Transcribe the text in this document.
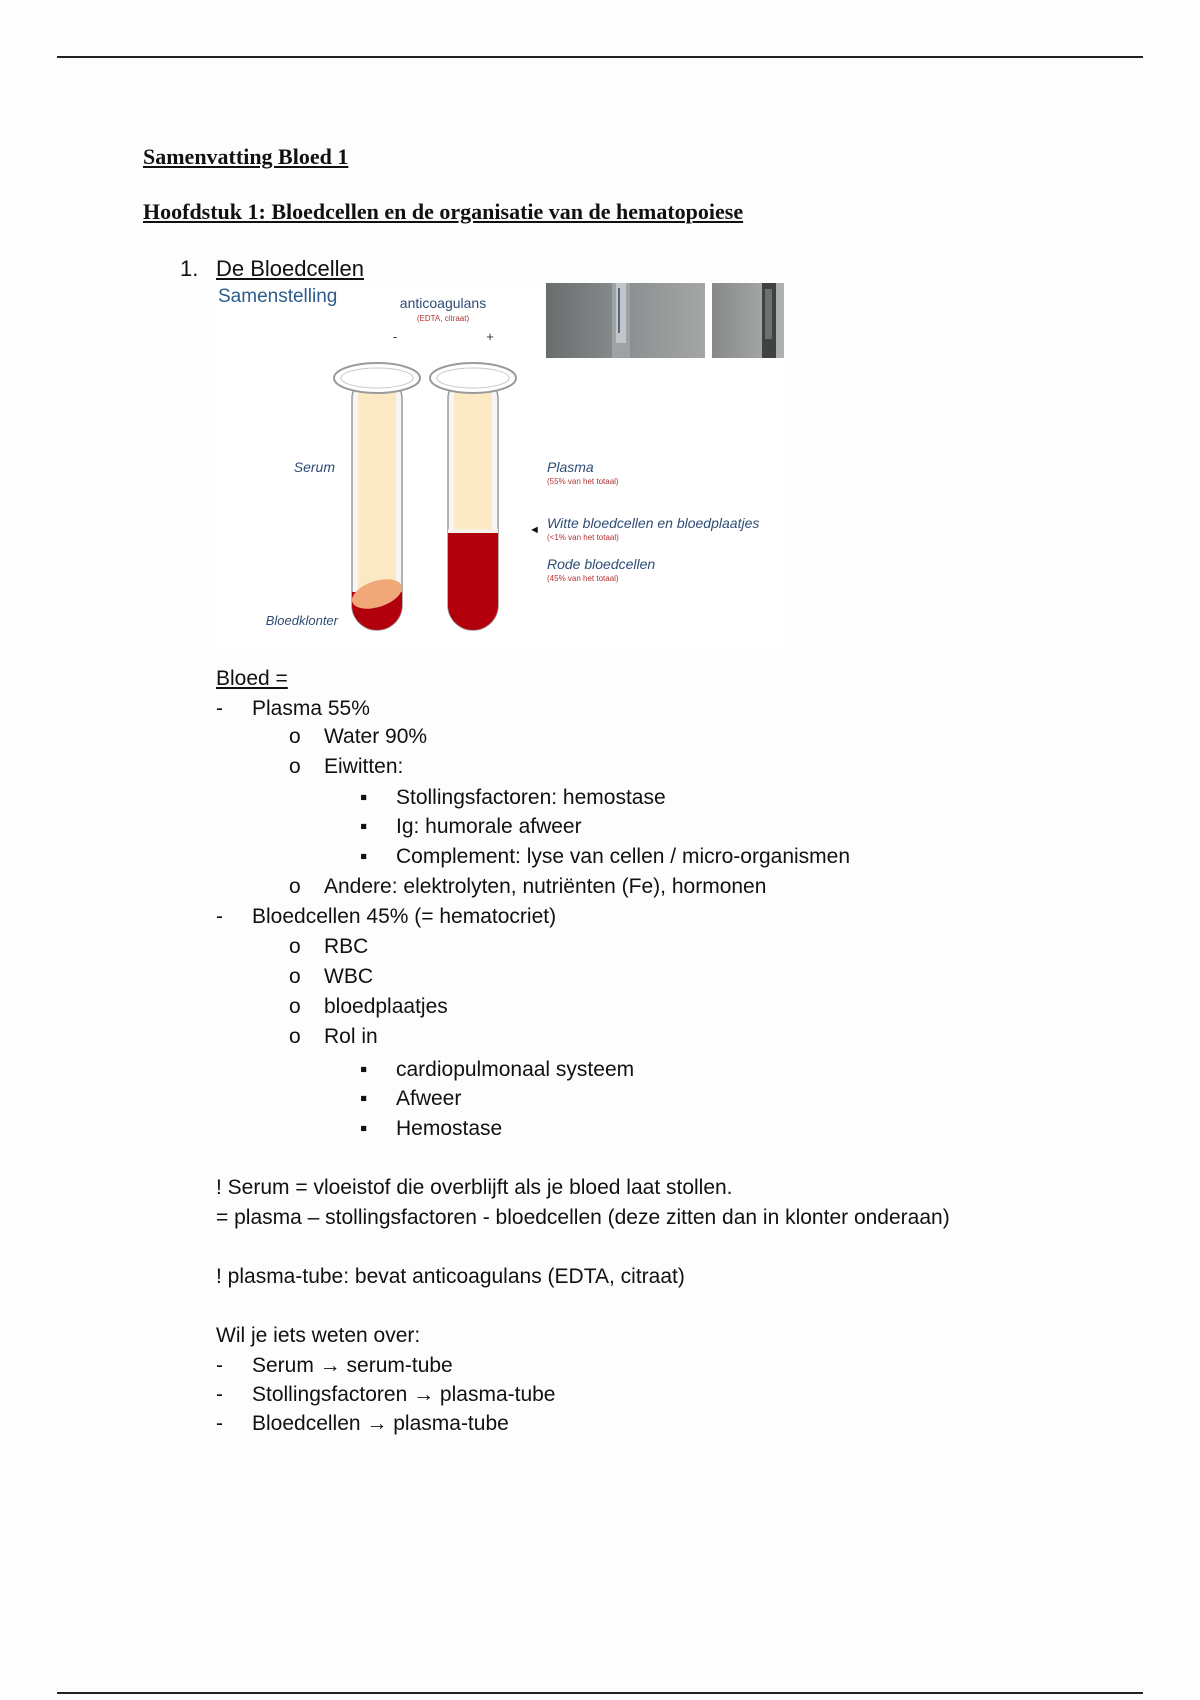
Samenvatting Bloed 1
Hoofdstuk 1: Bloedcellen en de organisatie van de hematopoiese
1. De Bloedcellen
Samenstelling	anticoagulans
(EDTA, citraat)
-	+
Serum
Bloedklonter
Plasma
(55% van het totaal)
◄ Witte bloedcellen en bloedplaatjes
(<1% van het totaal)
Rode bloedcellen
(45% van het totaal)
Bloed =
- Plasma 55%
o Water 90%
o Eiwitten:
▪ Stollingsfactoren: hemostase
▪ Ig: humorale afweer
▪ Complement: lyse van cellen / micro-organismen
o Andere: elektrolyten, nutriënten (Fe), hormonen
- Bloedcellen 45% (= hematocriet)
o RBC
o WBC
o bloedplaatjes
o Rol in
▪ cardiopulmonaal systeem
▪ Afweer
▪ Hemostase
! Serum = vloeistof die overblijft als je bloed laat stollen.
= plasma – stollingsfactoren - bloedcellen (deze zitten dan in klonter onderaan)
! plasma-tube: bevat anticoagulans (EDTA, citraat)
Wil je iets weten over:
- Serum → serum-tube
- Stollingsfactoren → plasma-tube
- Bloedcellen → plasma-tube
